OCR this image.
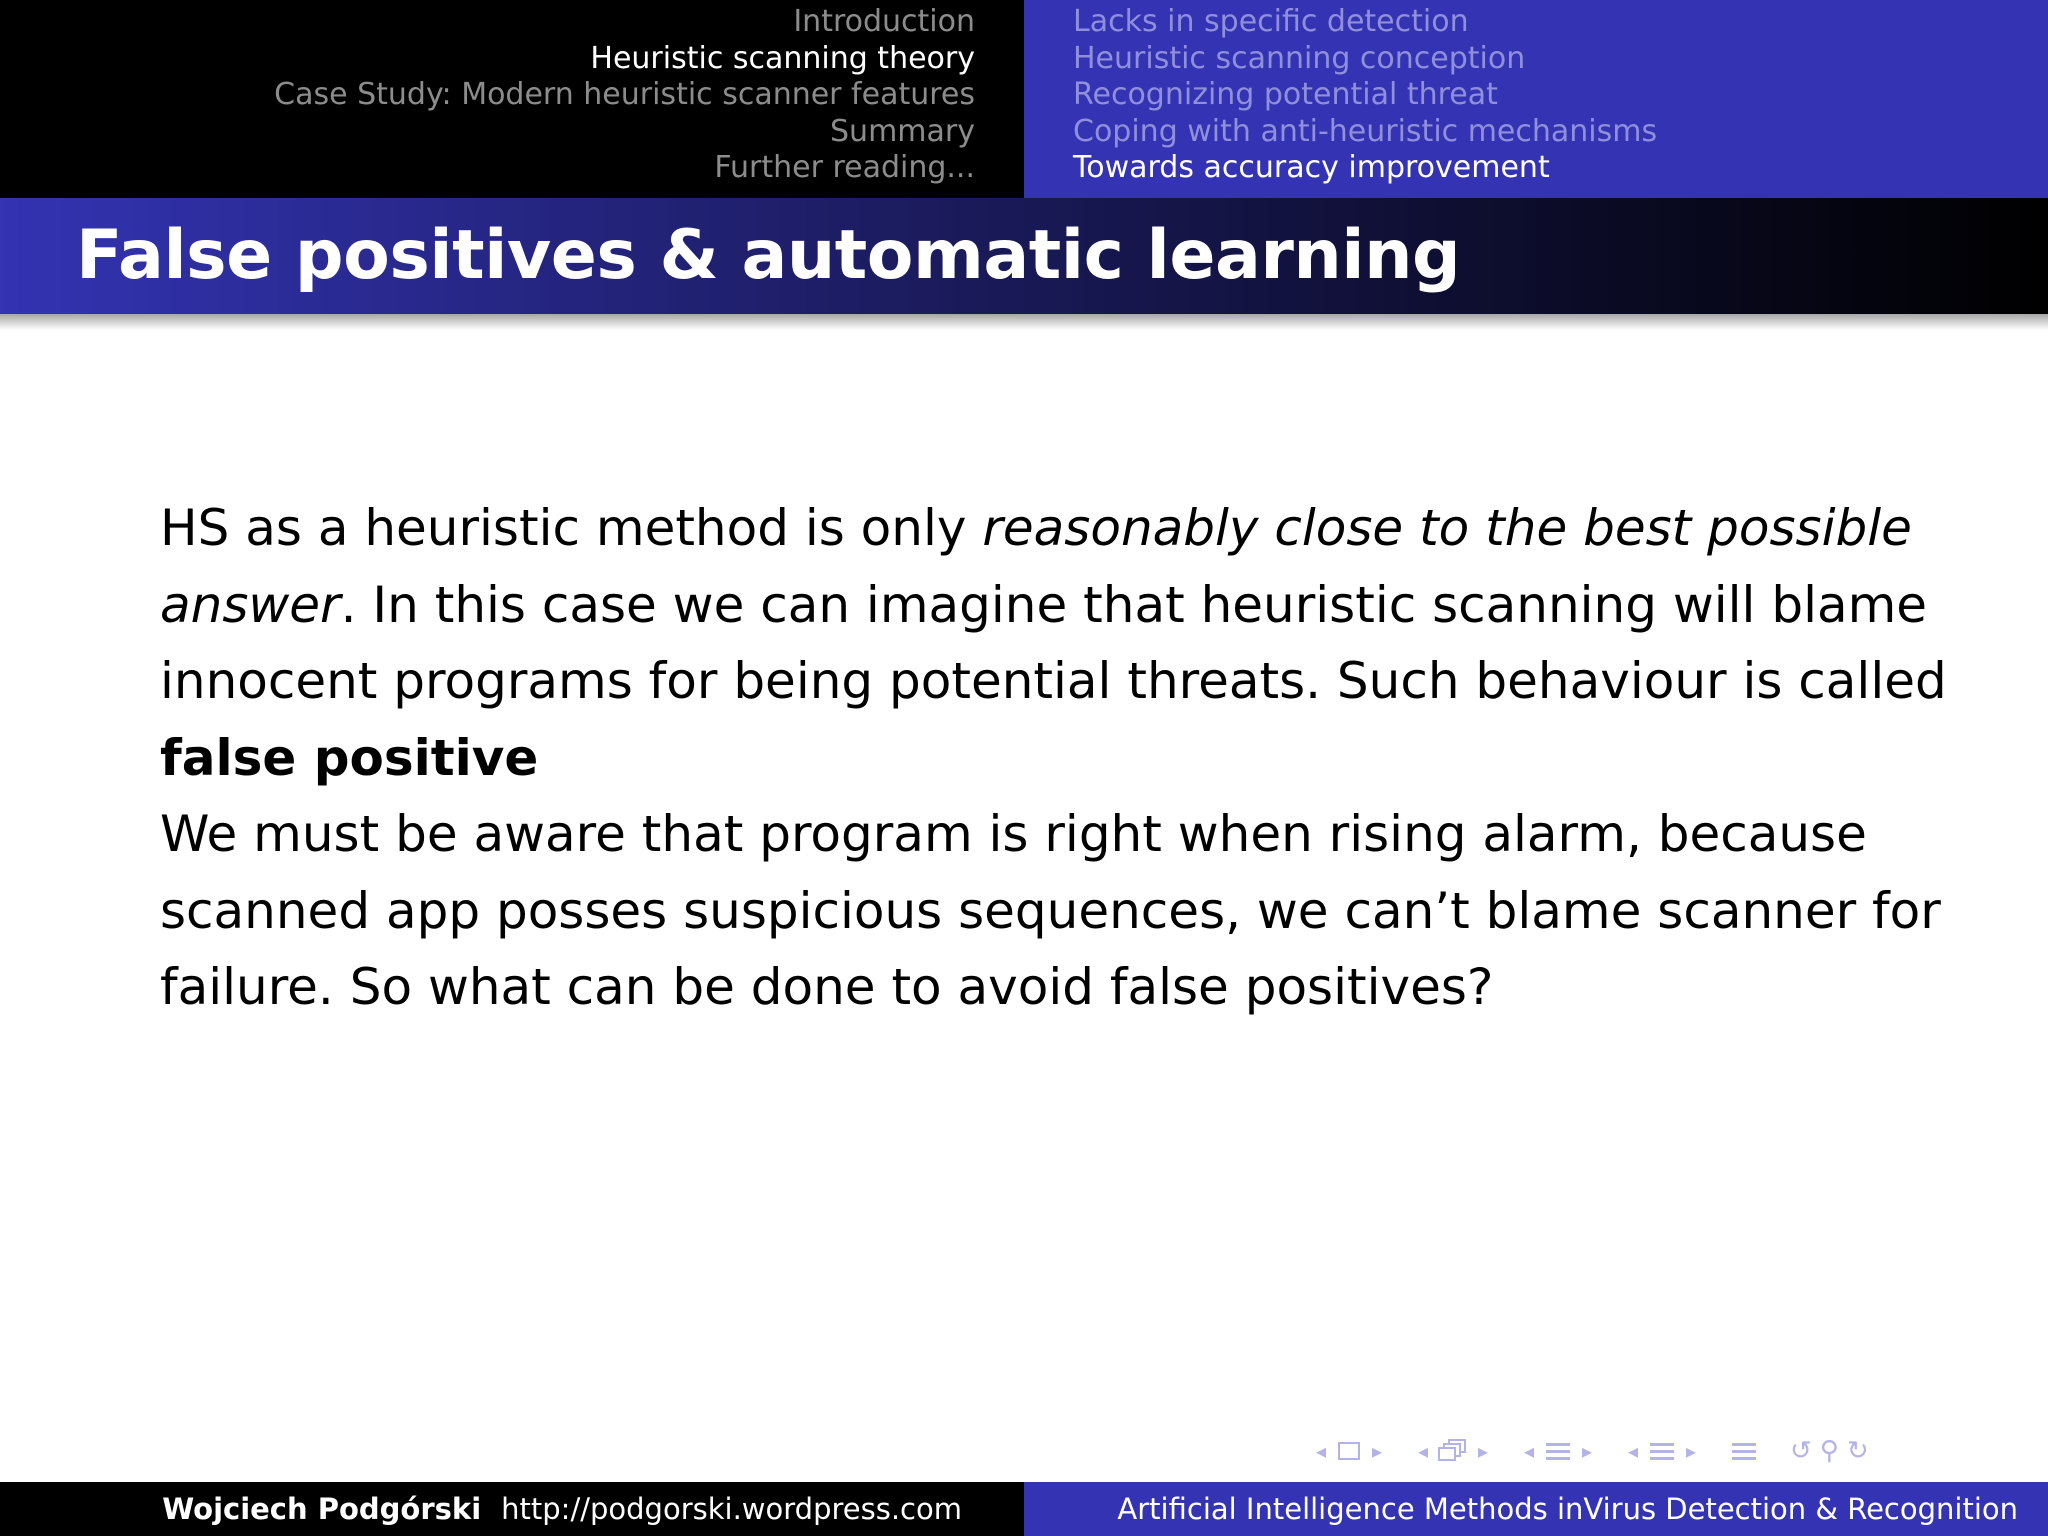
Introduction
Heuristic scanning theory
Case Study: Modern heuristic scanner features
Summary
Further reading...
Lacks in specific detection
Heuristic scanning conception
Recognizing potential threat
Coping with anti-heuristic mechanisms
Towards accuracy improvement
False positives & automatic learning

HS as a heuristic method is only reasonably close to the best possible answer. In this case we can imagine that heuristic scanning will blame innocent programs for being potential threats. Such behaviour is called false positive

We must be aware that program is right when rising alarm, because scanned app posses suspicious sequences, we can’t blame scanner for failure. So what can be done to avoid false positives?

◂ ▸ ◂ ▸ ◂ ▸ ◂ ▸	↺ ⚲ ↻
Wojciech Podgórski http://podgorski.wordpress.com	Artificial Intelligence Methods inVirus Detection & Recognition
